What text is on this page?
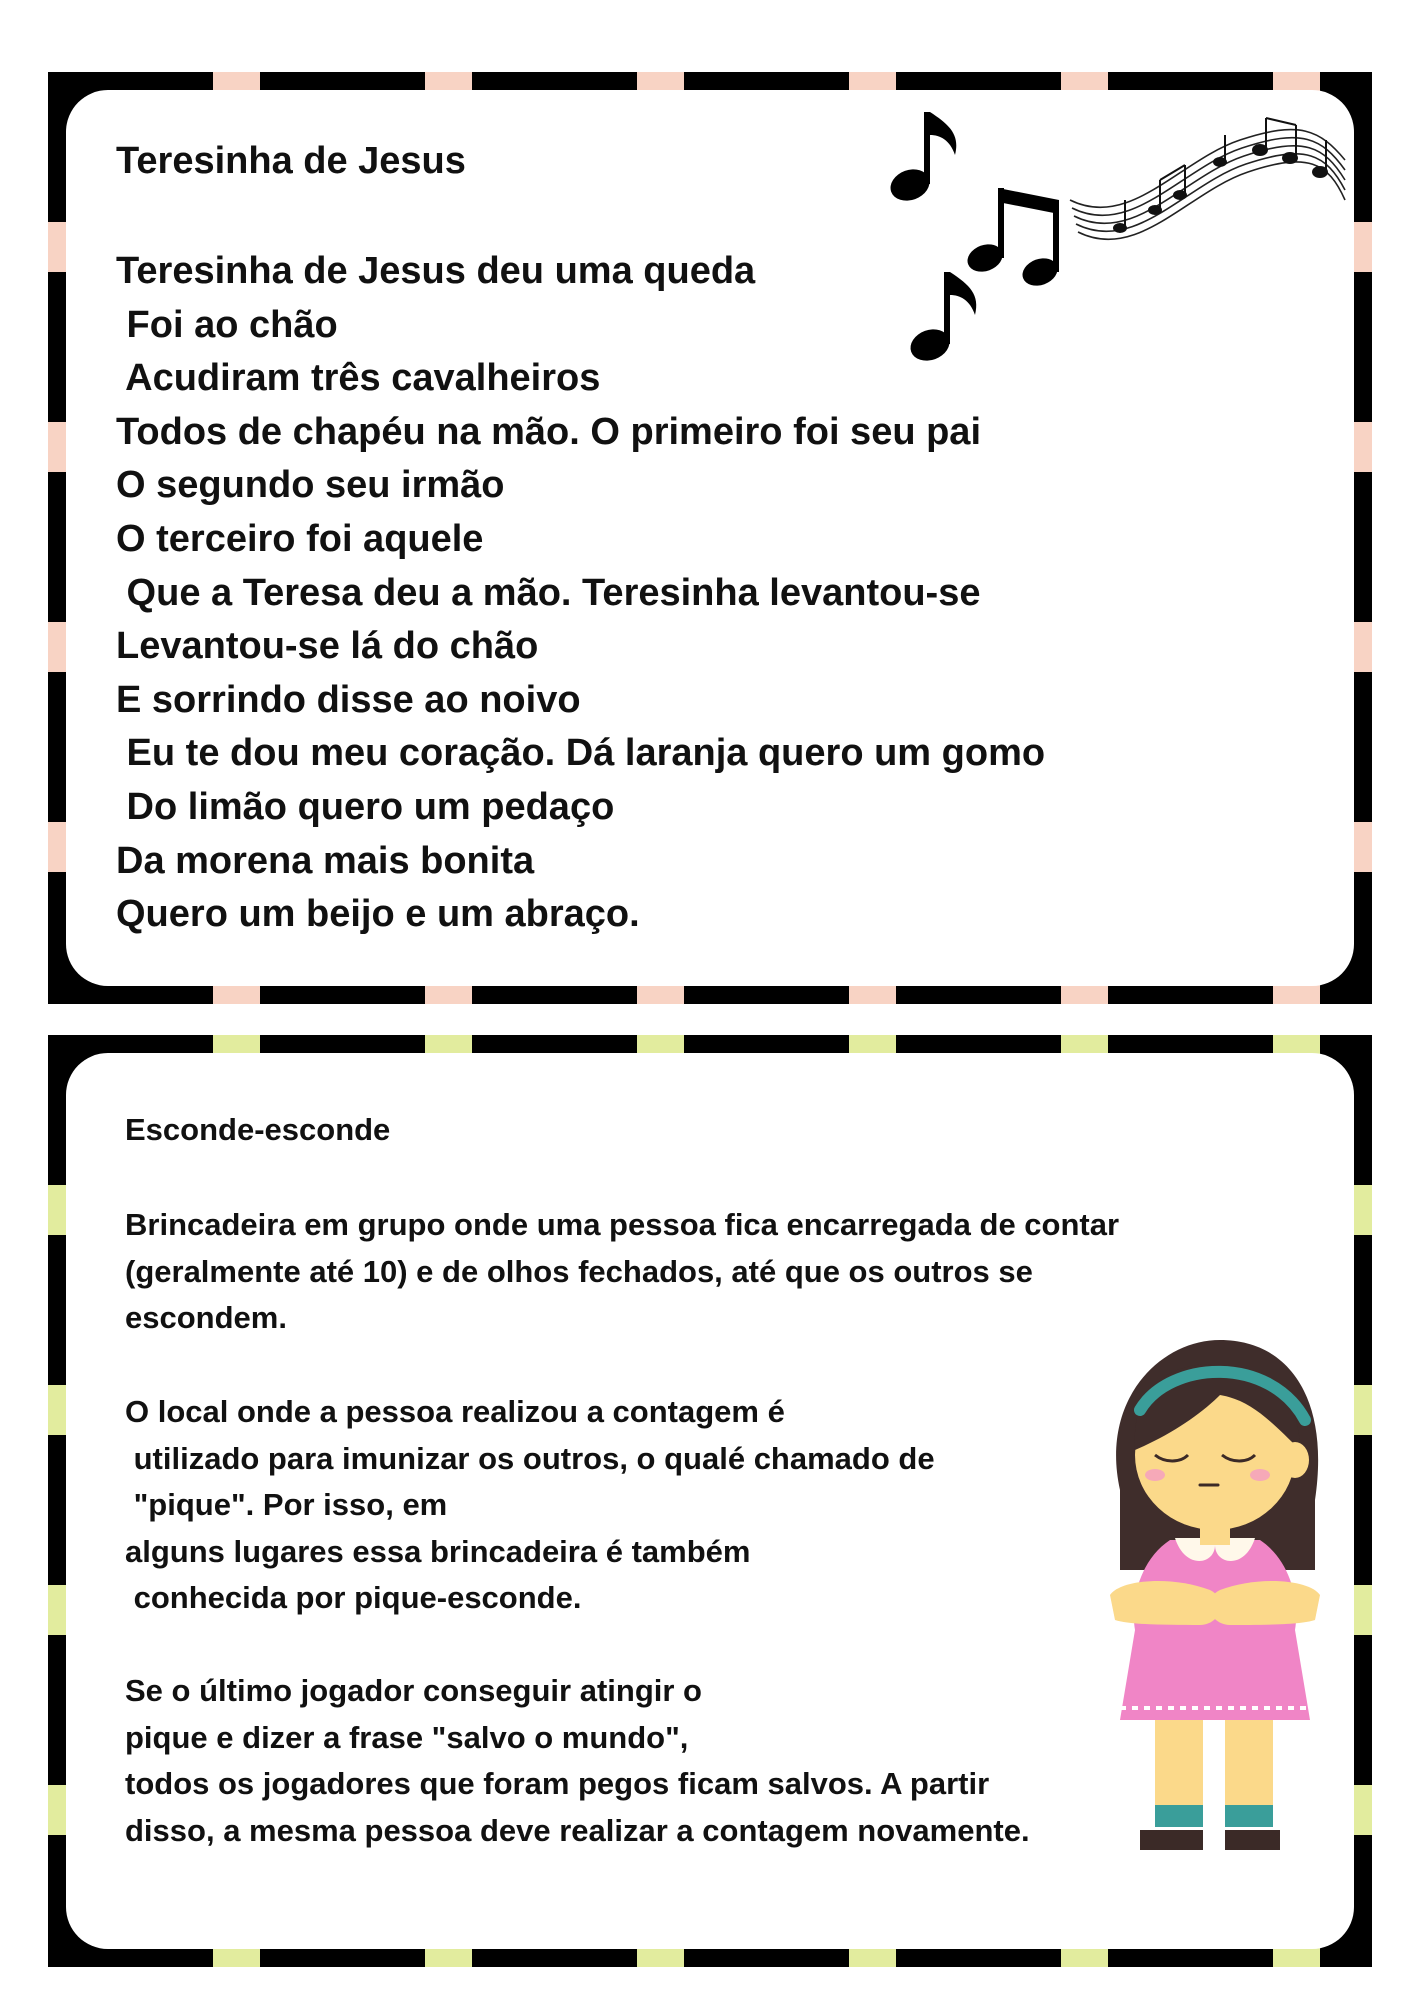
Teresinha de Jesus
Teresinha de Jesus deu uma queda
Foi ao chão
Acudiram três cavalheiros
Todos de chapéu na mão. O primeiro foi seu pai
O segundo seu irmão
O terceiro foi aquele
Que a Teresa deu a mão. Teresinha levantou-se
Levantou-se lá do chão
E sorrindo disse ao noivo
Eu te dou meu coração. Dá laranja quero um gomo
Do limão quero um pedaço
Da morena mais bonita
Quero um beijo e um abraço.
Esconde-esconde
Brincadeira em grupo onde uma pessoa fica encarregada de contar
(geralmente até 10) e de olhos fechados, até que os outros se
escondem.
O local onde a pessoa realizou a contagem é
utilizado para imunizar os outros, o qualé chamado de
"pique". Por isso, em
alguns lugares essa brincadeira é também
conhecida por pique-esconde.
Se o último jogador conseguir atingir o
pique e dizer a frase "salvo o mundo",
todos os jogadores que foram pegos ficam salvos. A partir
disso, a mesma pessoa deve realizar a contagem novamente.
